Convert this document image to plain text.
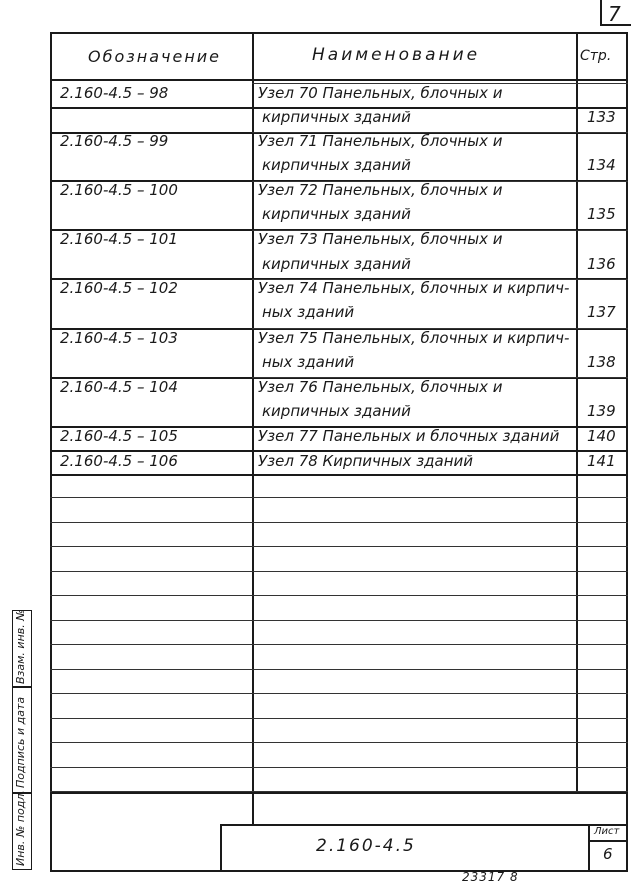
7
Обозначение	Наименование	Стр.
2.160-4.5 – 98	Узел 70 Панельных, блочных и
кирпичных зданий	133
2.160-4.5 – 99	Узел 71 Панельных, блочных и
кирпичных зданий	134
2.160-4.5 – 100	Узел 72 Панельных, блочных и
кирпичных зданий	135
2.160-4.5 – 101	Узел 73 Панельных, блочных и
кирпичных зданий	136
2.160-4.5 – 102	Узел 74 Панельных, блочных и кирпич-
ных зданий	137
2.160-4.5 – 103	Узел 75 Панельных, блочных и кирпич-
ных зданий	138
2.160-4.5 – 104	Узел 76 Панельных, блочных и
кирпичных зданий	139
2.160-4.5 – 105	Узел 77 Панельных и блочных зданий 140
2.160-4.5 – 106	Узел 78 Кирпичных зданий	141
2.160-4.5
Лист
6
Инв. № подл.
Подпись и дата
Взам. инв. №
23317 8
